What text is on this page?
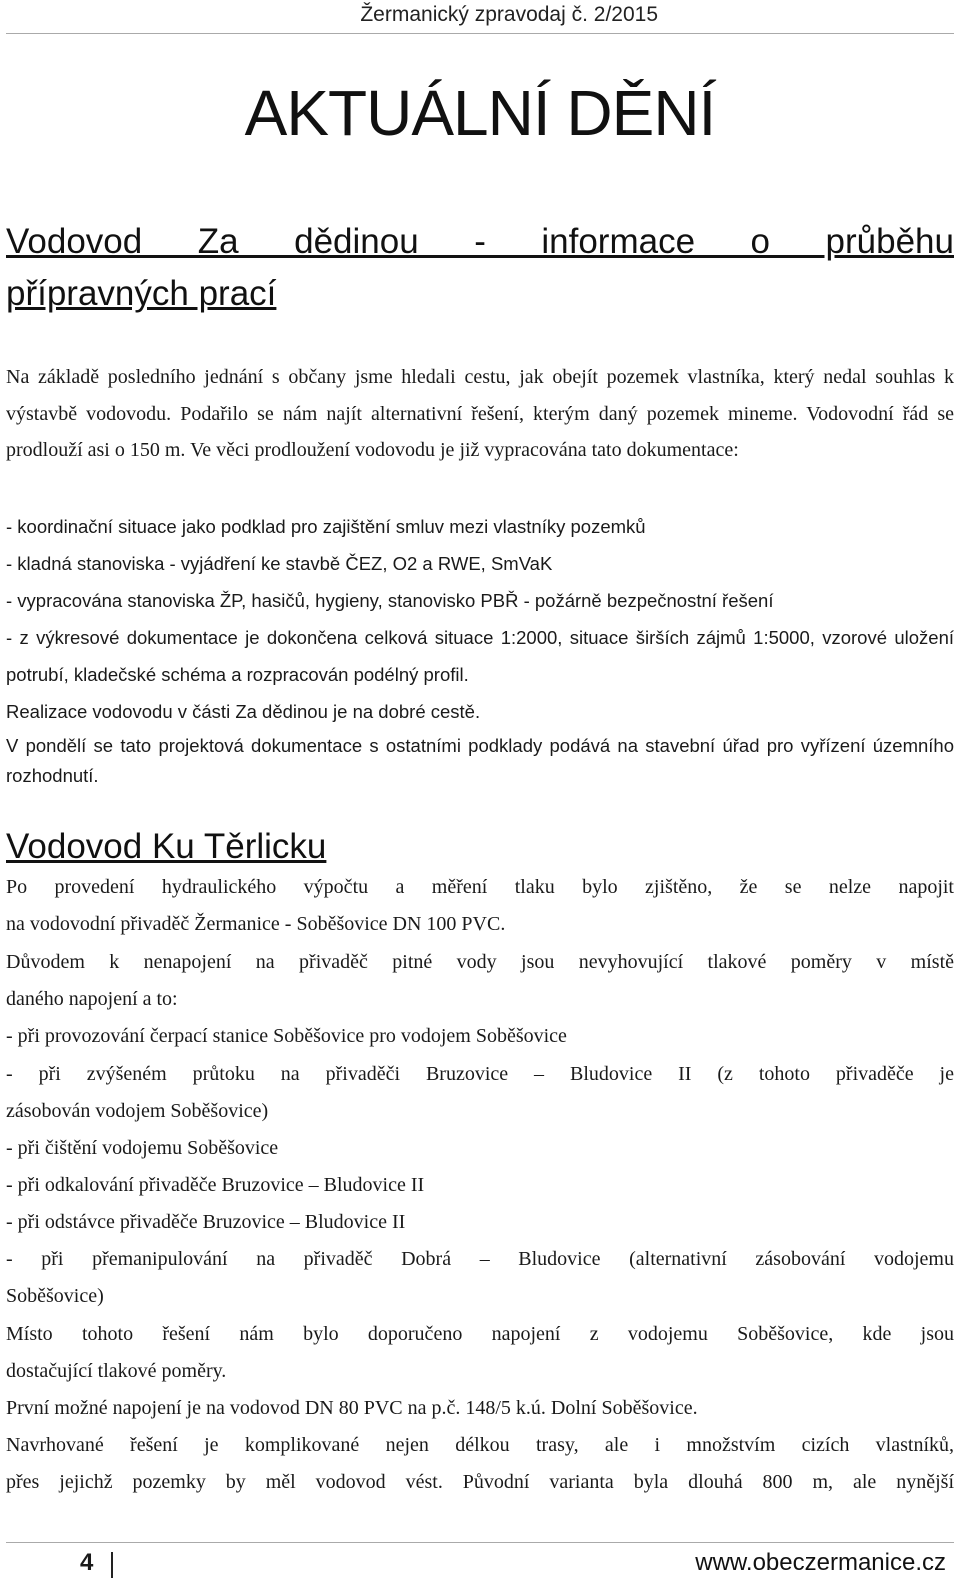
Žermanický zpravodaj č. 2/2015
AKTUÁLNÍ DĚNÍ
Vodovod Za dědinou - informace o průběhu
přípravných prací

Na základě posledního jednání s občany jsme hledali cestu, jak obejít pozemek vlastníka, který nedal souhlas k výstavbě vodovodu. Podařilo se nám najít alternativní řešení, kterým daný pozemek mineme. Vodovodní řád se prodlouží asi o 150 m. Ve věci prodloužení vodovodu je již vypracována tato dokumentace:

- koordinační situace jako podklad pro zajištění smluv mezi vlastníky pozemků

- kladná stanoviska - vyjádření ke stavbě ČEZ, O2 a RWE, SmVaK

- vypracována stanoviska ŽP, hasičů, hygieny, stanovisko PBŘ - požárně bezpečnostní řešení

- z výkresové dokumentace je dokončena celková situace 1:2000, situace širších zájmů 1:5000, vzorové uložení potrubí, kladečské schéma a rozpracován podélný profil.

Realizace vodovodu v části Za dědinou je na dobré cestě.

V pondělí se tato projektová dokumentace s ostatními podklady podává na stavební úřad pro vyřízení územního rozhodnutí.

Vodovod Ku Těrlicku

Po provedení hydraulického výpočtu a měření tlaku bylo zjištěno, že se nelze napojit

na vodovodní přivaděč Žermanice - Soběšovice DN 100 PVC.

Důvodem k nenapojení na přivaděč pitné vody jsou nevyhovující tlakové poměry v místě

daného napojení a to:

- při provozování čerpací stanice Soběšovice pro vodojem Soběšovice

- při zvýšeném průtoku na přivaděči Bruzovice – Bludovice II (z tohoto přivaděče je

zásobován vodojem Soběšovice)

- při čištění vodojemu Soběšovice

- při odkalování přivaděče Bruzovice – Bludovice II

- při odstávce přivaděče Bruzovice – Bludovice II

- při přemanipulování na přivaděč Dobrá – Bludovice (alternativní zásobování vodojemu

Soběšovice)

Místo tohoto řešení nám bylo doporučeno napojení z vodojemu Soběšovice, kde jsou

dostačující tlakové poměry.

První možné napojení je na vodovod DN 80 PVC na p.č. 148/5 k.ú. Dolní Soběšovice.

Navrhované řešení je komplikované nejen délkou trasy, ale i množstvím cizích vlastníků,

přes jejichž pozemky by měl vodovod vést. Původní varianta byla dlouhá 800 m, ale nynější

4	www.obeczermanice.cz
